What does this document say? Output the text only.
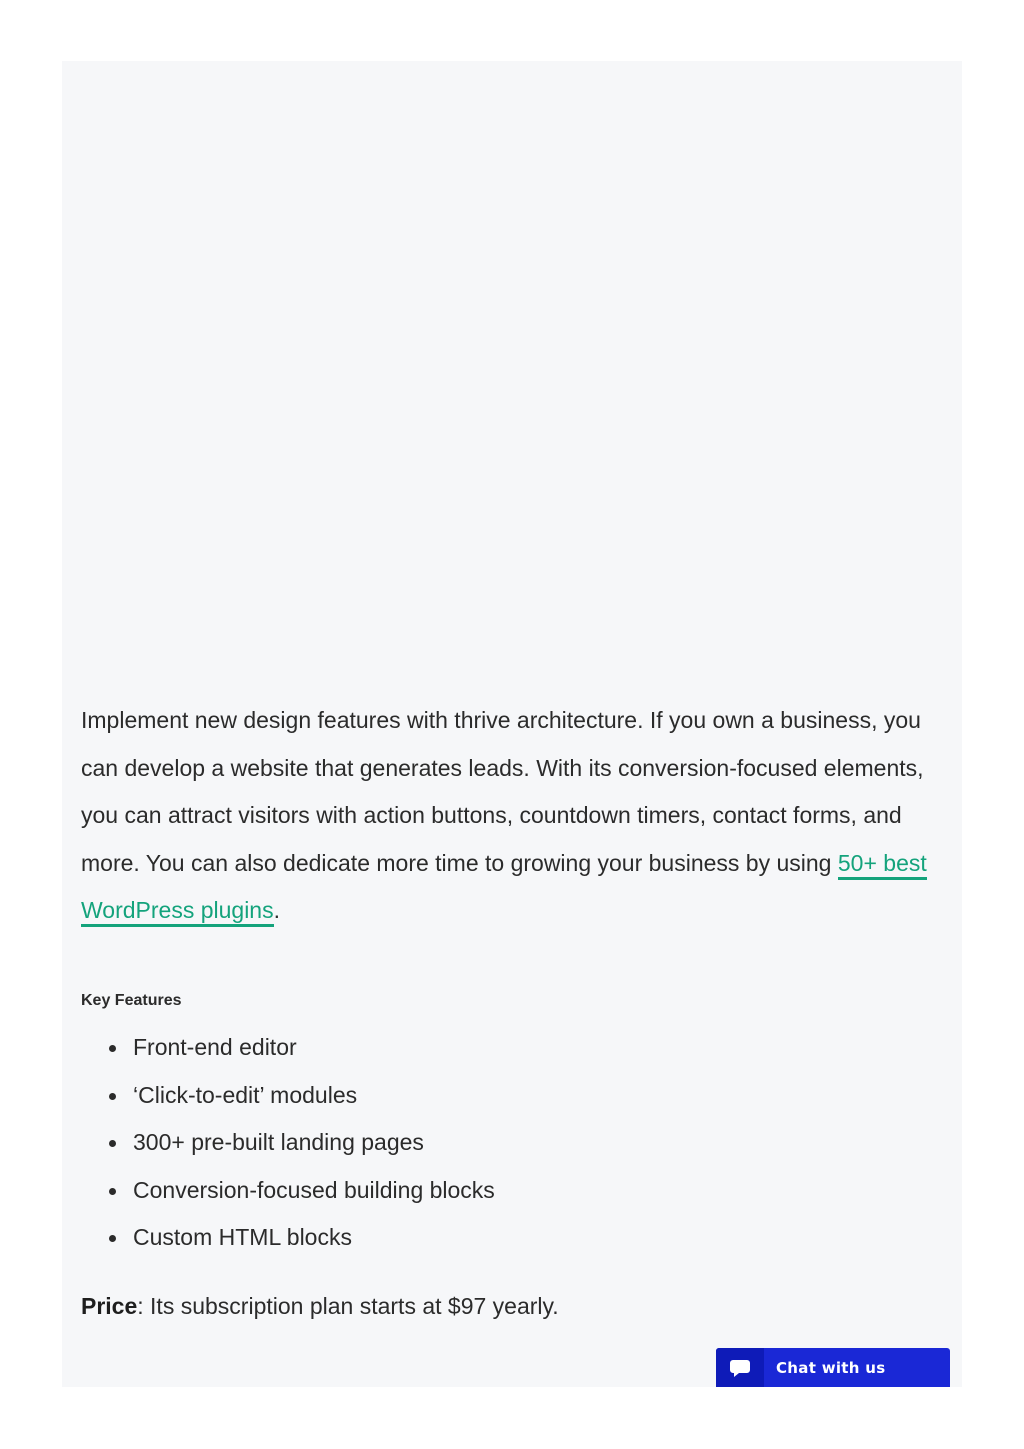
Implement new design features with thrive architecture. If you own a business, you can develop a website that generates leads. With its conversion-focused elements, you can attract visitors with action buttons, countdown timers, contact forms, and more. You can also dedicate more time to growing your business by using 50+ best WordPress plugins.

Key Features
Front-end editor
‘Click-to-edit’ modules
300+ pre-built landing pages
Conversion-focused building blocks
Custom HTML blocks

Price: Its subscription plan starts at $97 yearly.

Chat with us
